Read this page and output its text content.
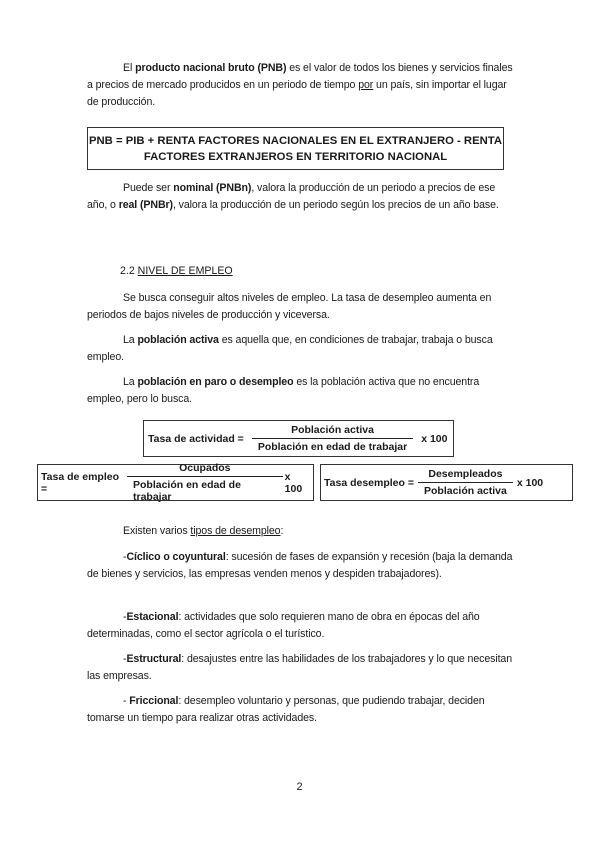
El producto nacional bruto (PNB) es el valor de todos los bienes y servicios finales a precios de mercado producidos en un periodo de tiempo por un país, sin importar el lugar de producción.

PNB = PIB + RENTA FACTORES NACIONALES EN EL EXTRANJERO - RENTA
FACTORES EXTRANJEROS EN TERRITORIO NACIONAL

Puede ser nominal (PNBn), valora la producción de un periodo a precios de ese año, o real (PNBr), valora la producción de un periodo según los precios de un año base.

2.2 NIVEL DE EMPLEO

Se busca conseguir altos niveles de empleo. La tasa de desempleo aumenta en periodos de bajos niveles de producción y viceversa.

La población activa es aquella que, en condiciones de trabajar, trabaja o busca empleo.

La población en paro o desempleo es la población activa que no encuentra empleo, pero lo busca.

Tasa de actividad = $\frac{\text{Población activa}}{\text{Población en edad de trabajar}}$ x 100
Tasa de empleo =	$\frac{\text{Ocupados}}{\text{Población en edad de trabajar}}$ x 100	Tasa desempleo = $\frac{\text{Desempleados}}{\text{Población activa}}$ x 100

Existen varios tipos de desempleo:

-Cíclico o coyuntural: sucesión de fases de expansión y recesión (baja la demanda de bienes y servicios, las empresas venden menos y despiden trabajadores).

-Estacional: actividades que solo requieren mano de obra en épocas del año determinadas, como el sector agrícola o el turístico.

-Estructural: desajustes entre las habilidades de los trabajadores y lo que necesitan las empresas.

- Friccional: desempleo voluntario y personas, que pudiendo trabajar, deciden tomarse un tiempo para realizar otras actividades.

2
